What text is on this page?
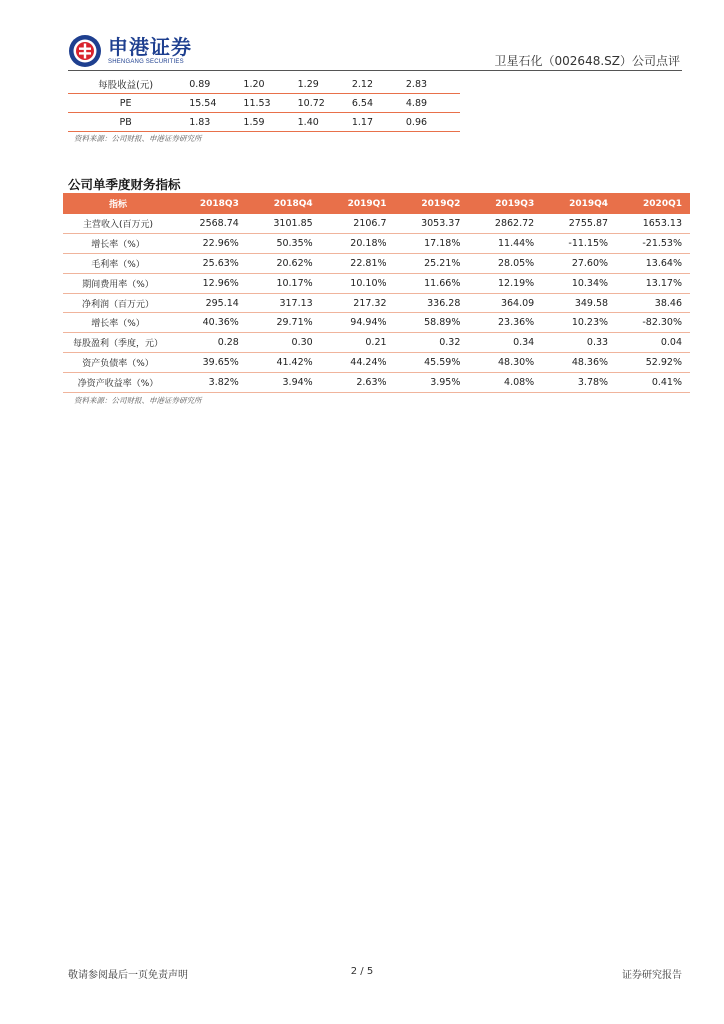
申港证券
SHENGANG SECURITIES	卫星石化（002648.SZ）公司点评
每股收益(元)	0.89	1.20	1.29	2.12	2.83
PE	15.54	11.53	10.72	6.54	4.89
PB	1.83	1.59	1.40	1.17	0.96
资料来源：公司财报、申港证券研究所
公司单季度财务指标
指标	2018Q3	2018Q4	2019Q1	2019Q2	2019Q3	2019Q4	2020Q1
主营收入(百万元)	2568.74	3101.85	2106.7	3053.37	2862.72	2755.87	1653.13
增长率（%）	22.96%	50.35%	20.18%	17.18%	11.44%	-11.15%	-21.53%
毛利率（%）	25.63%	20.62%	22.81%	25.21%	28.05%	27.60%	13.64%
期间费用率（%）	12.96%	10.17%	10.10%	11.66%	12.19%	10.34%	13.17%
净利润（百万元）	295.14	317.13	217.32	336.28	364.09	349.58	38.46
增长率（%）	40.36%	29.71%	94.94%	58.89%	23.36%	10.23%	-82.30%
每股盈利（季度，元）	0.28	0.30	0.21	0.32	0.34	0.33	0.04
资产负债率（%）	39.65%	41.42%	44.24%	45.59%	48.30%	48.36%	52.92%
净资产收益率（%）	3.82%	3.94%	2.63%	3.95%	4.08%	3.78%	0.41%
资料来源：公司财报、申港证券研究所
敬请参阅最后一页免责声明	2 / 5	证券研究报告
